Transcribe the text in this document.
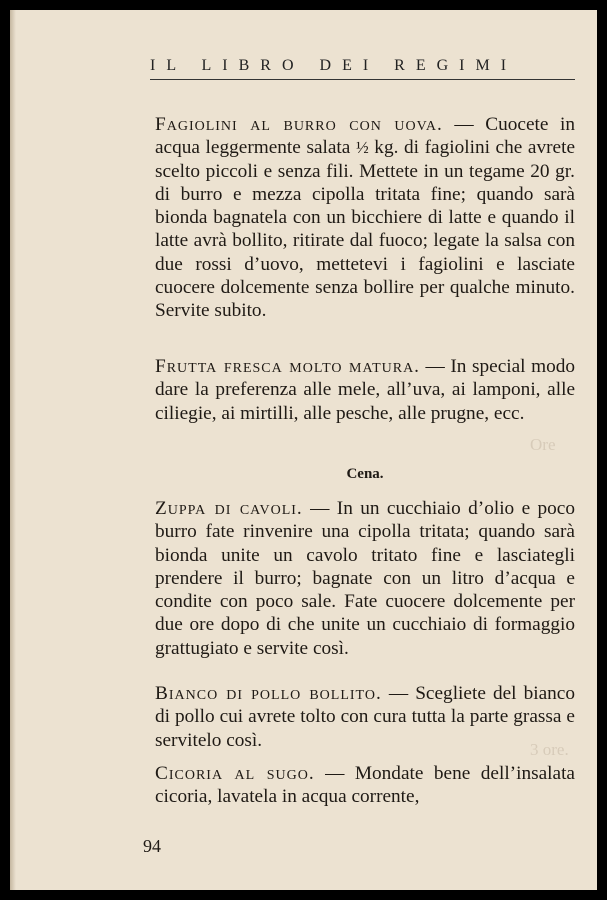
Ore
3 ore.
IL LIBRO DEI REGIMI

Fagiolini al burro con uova. — Cuocete in acqua leggermente salata ½ kg. di fagiolini che avrete scelto piccoli e senza fili. Mettete in un tegame 20 gr. di burro e mezza cipolla tritata fine; quando sarà bionda bagnatela con un bicchiere di latte e quando il latte avrà bollito, ritirate dal fuoco; legate la salsa con due rossi d’uovo, mettetevi i fagiolini e lasciate cuocere dolcemente senza bollire per qualche minuto. Servite subito.

Frutta fresca molto matura. — In special modo dare la preferenza alle mele, all’uva, ai lamponi, alle ciliegie, ai mirtilli, alle pesche, alle prugne, ecc.

Cena.

Zuppa di cavoli. — In un cucchiaio d’olio e poco burro fate rinvenire una cipolla tritata; quando sarà bionda unite un cavolo tritato fine e lasciategli prendere il burro; bagnate con un litro d’acqua e condite con poco sale. Fate cuocere dolcemente per due ore dopo di che unite un cucchiaio di formaggio grattugiato e servite così.

Bianco di pollo bollito. — Scegliete del bianco di pollo cui avrete tolto con cura tutta la parte grassa e servitelo così.

Cicoria al sugo. — Mondate bene dell’insalata cicoria, lavatela in acqua corrente,

94
